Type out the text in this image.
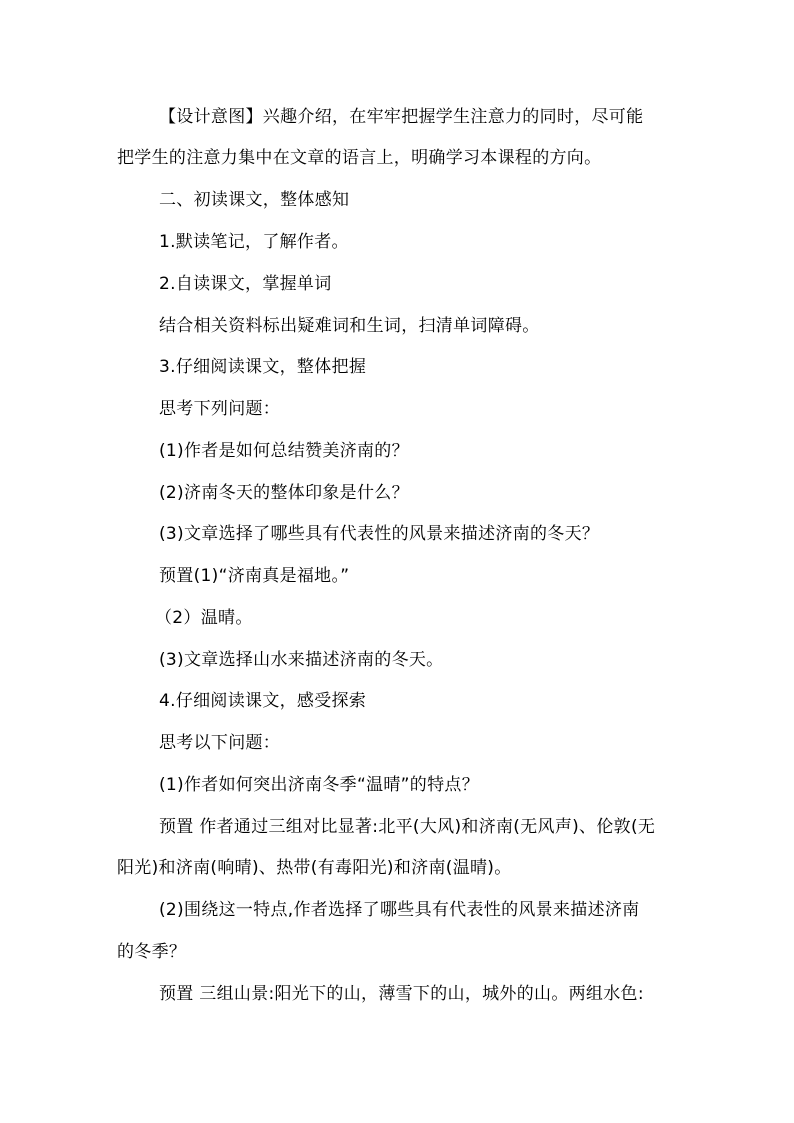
【设计意图】兴趣介绍，在牢牢把握学生注意力的同时，尽可能
把学生的注意力集中在文章的语言上，明确学习本课程的方向。
二、初读课文，整体感知
1.默读笔记，了解作者。
2.自读课文，掌握单词
结合相关资料标出疑难词和生词，扫清单词障碍。
3.仔细阅读课文，整体把握
思考下列问题：
(1)作者是如何总结赞美济南的？
(2)济南冬天的整体印象是什么？
(3)文章选择了哪些具有代表性的风景来描述济南的冬天？
预置(1)“济南真是福地。”
（2）温晴。
(3)文章选择山水来描述济南的冬天。
4.仔细阅读课文，感受探索
思考以下问题：
(1)作者如何突出济南冬季“温晴”的特点？
预置 作者通过三组对比显著:北平(大风)和济南(无风声)、伦敦(无
阳光)和济南(响晴)、热带(有毒阳光)和济南(温晴)。
(2)围绕这一特点,作者选择了哪些具有代表性的风景来描述济南
的冬季？
预置 三组山景:阳光下的山，薄雪下的山，城外的山。两组水色:
